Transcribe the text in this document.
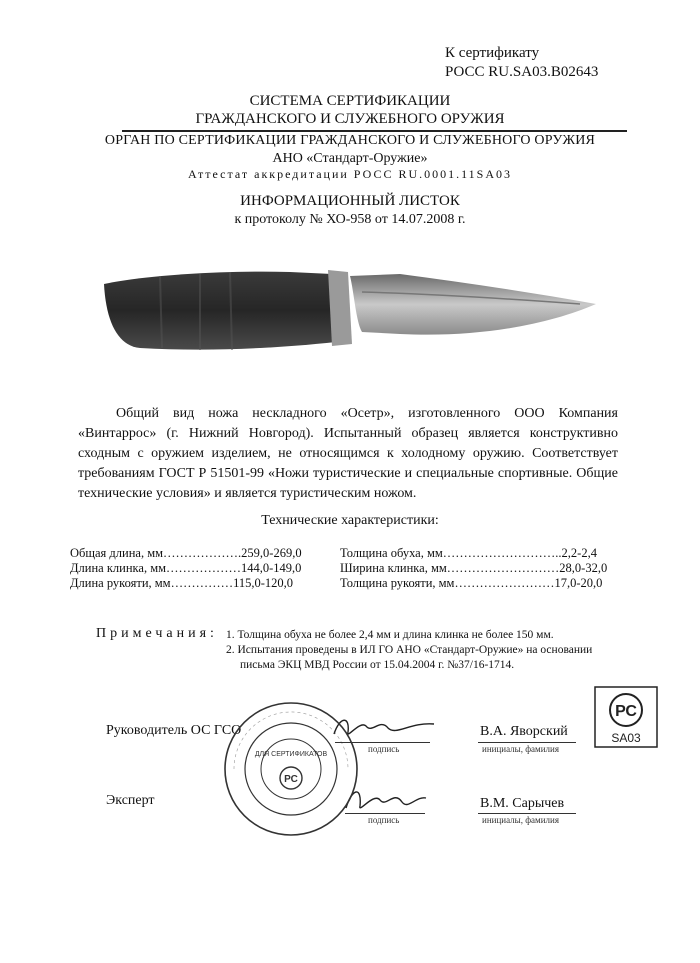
К сертификату
РОСС RU.SA03.B02643
СИСТЕМА СЕРТИФИКАЦИИ
ГРАЖДАНСКОГО И СЛУЖЕБНОГО ОРУЖИЯ
ОРГАН ПО СЕРТИФИКАЦИИ ГРАЖДАНСКОГО И СЛУЖЕБНОГО ОРУЖИЯ
АНО «Стандарт-Оружие»
Аттестат аккредитации РОСС RU.0001.11SA03
ИНФОРМАЦИОННЫЙ ЛИСТОК
к протоколу № ХО-958 от 14.07.2008 г.

Общий вид ножа нескладного «Осетр», изготовленного ООО Компания «Винтаррос» (г. Нижний Новгород). Испытанный образец является конструктивно сходным с оружием изделием, не относящимся к холодному оружию. Соответствует требованиям ГОСТ Р 51501-99 «Ножи туристические и специальные спортивные. Общие технические условия» и является туристическим ножом.

Технические характеристики:
Общая длина, мм……………….259,0-269,0
Длина клинка, мм………………144,0-149,0
Длина рукояти, мм……………115,0-120,0
Толщина обуха, мм………………………..2,2-2,4
Ширина клинка, мм………………………28,0-32,0
Толщина рукояти, мм……………………17,0-20,0
Примечания: 1. Толщина обуха не более 2,4 мм и длина клинка не более 150 мм.
2. Испытания проведены в ИЛ ГО АНО «Стандарт-Оружие» на основании
письма ЭКЦ МВД России от 15.04.2004 г. №37/16-1714.
РС
SA03
Руководитель ОС ГСО
подпись
В.А. Яворский
инициалы, фамилия
Эксперт
подпись
В.М. Сарычев
инициалы, фамилия
ДЛЯ СЕРТИФИКАТОВ
РС
